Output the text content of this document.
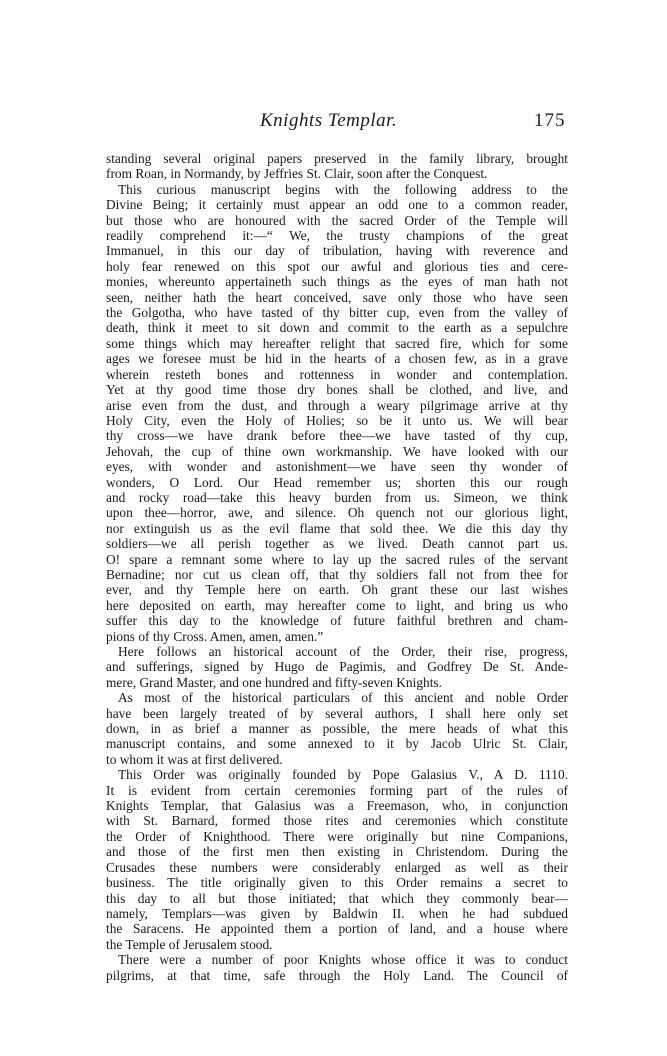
Knights Templar.	175
standing several original papers preserved in the family library, brought
from Roan, in Normandy, by Jeffries St. Clair, soon after the Conquest.
This curious manuscript begins with the following address to the
Divine Being; it certainly must appear an odd one to a common reader,
but those who are honoured with the sacred Order of the Temple will
readily comprehend it:—“ We, the trusty champions of the great
Immanuel, in this our day of tribulation, having with reverence and
holy fear renewed on this spot our awful and glorious ties and cere-
monies, whereunto appertaineth such things as the eyes of man hath not
seen, neither hath the heart conceived, save only those who have seen
the Golgotha, who have tasted of thy bitter cup, even from the valley of
death, think it meet to sit down and commit to the earth as a sepulchre
some things which may hereafter relight that sacred fire, which for some
ages we foresee must be hid in the hearts of a chosen few, as in a grave
wherein resteth bones and rottenness in wonder and contemplation.
Yet at thy good time those dry bones shall be clothed, and live, and
arise even from the dust, and through a weary pilgrimage arrive at thy
Holy City, even the Holy of Holies; so be it unto us. We will bear
thy cross—we have drank before thee—we have tasted of thy cup,
Jehovah, the cup of thine own workmanship. We have looked with our
eyes, with wonder and astonishment—we have seen thy wonder of
wonders, O Lord. Our Head remember us; shorten this our rough
and rocky road—take this heavy burden from us. Simeon, we think
upon thee—horror, awe, and silence. Oh quench not our glorious light,
nor extinguish us as the evil flame that sold thee. We die this day thy
soldiers—we all perish together as we lived. Death cannot part us.
O! spare a remnant some where to lay up the sacred rules of the servant
Bernadine; nor cut us clean off, that thy soldiers fall not from thee for
ever, and thy Temple here on earth. Oh grant these our last wishes
here deposited on earth, may hereafter come to light, and bring us who
suffer this day to the knowledge of future faithful brethren and cham-
pions of thy Cross. Amen, amen, amen.”
Here follows an historical account of the Order, their rise, progress,
and sufferings, signed by Hugo de Pagimis, and Godfrey De St. Ande-
mere, Grand Master, and one hundred and fifty-seven Knights.
As most of the historical particulars of this ancient and noble Order
have been largely treated of by several authors, I shall here only set
down, in as brief a manner as possible, the mere heads of what this
manuscript contains, and some annexed to it by Jacob Ulric St. Clair,
to whom it was at first delivered.
This Order was originally founded by Pope Galasius V., A D. 1110.
It is evident from certain ceremonies forming part of the rules of
Knights Templar, that Galasius was a Freemason, who, in conjunction
with St. Barnard, formed those rites and ceremonies which constitute
the Order of Knighthood. There were originally but nine Companions,
and those of the first men then existing in Christendom. During the
Crusades these numbers were considerably enlarged as well as their
business. The title originally given to this Order remains a secret to
this day to all but those initiated; that which they commonly bear—
namely, Templars—was given by Baldwin II. when he had subdued
the Saracens. He appointed them a portion of land, and a house where
the Temple of Jerusalem stood.
There were a number of poor Knights whose office it was to conduct
pilgrims, at that time, safe through the Holy Land. The Council of
